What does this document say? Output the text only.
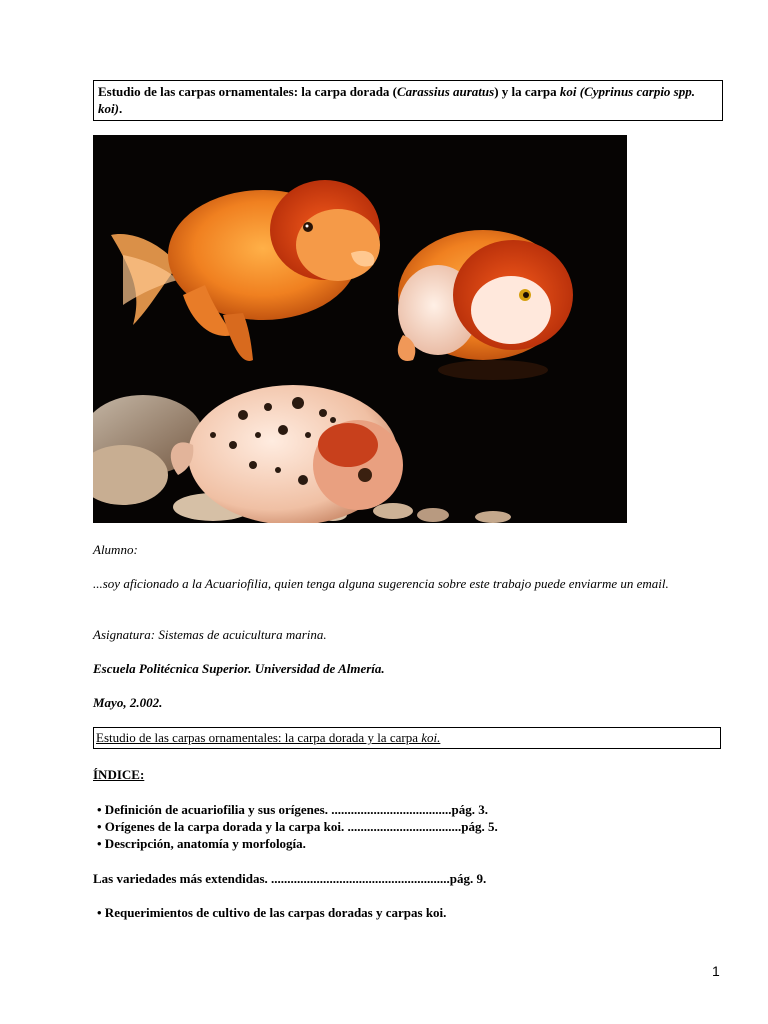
Estudio de las carpas ornamentales: la carpa dorada (Carassius auratus) y la carpa koi (Cyprinus carpio spp. koi).
Alumno:
...soy aficionado a la Acuariofilia, quien tenga alguna sugerencia sobre este trabajo puede enviarme un email.
Asignatura: Sistemas de acuicultura marina.
Escuela Politécnica Superior. Universidad de Almería.
Mayo, 2.002.
Estudio de las carpas ornamentales: la carpa dorada y la carpa koi.
ÍNDICE:
• Definición de acuariofilia y sus orígenes. .....................................pág. 3.
• Orígenes de la carpa dorada y la carpa koi. ...................................pág. 5.
• Descripción, anatomía y morfología.
Las variedades más extendidas. .......................................................pág. 9.
• Requerimientos de cultivo de las carpas doradas y carpas koi.
1
